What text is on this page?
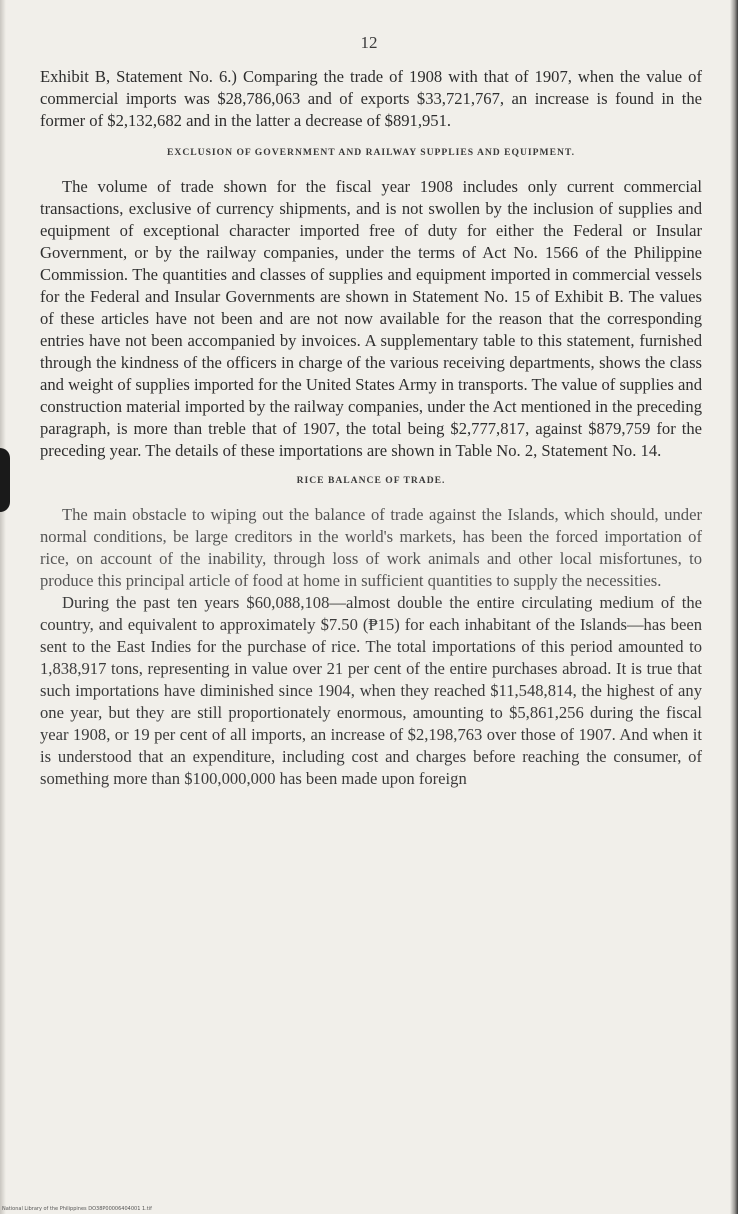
12

Exhibit B, Statement No. 6.) Comparing the trade of 1908 with that of 1907, when the value of commercial imports was $28,786,063 and of exports $33,721,767, an increase is found in the former of $2,132,682 and in the latter a decrease of $891,951.

EXCLUSION OF GOVERNMENT AND RAILWAY SUPPLIES AND EQUIPMENT.

The volume of trade shown for the fiscal year 1908 includes only current commercial transactions, exclusive of currency shipments, and is not swollen by the inclusion of supplies and equipment of exceptional character imported free of duty for either the Federal or Insular Government, or by the railway companies, under the terms of Act No. 1566 of the Philippine Commission. The quantities and classes of supplies and equipment imported in commercial vessels for the Federal and Insular Governments are shown in Statement No. 15 of Exhibit B. The values of these articles have not been and are not now available for the reason that the corresponding entries have not been accompanied by invoices. A supplementary table to this statement, furnished through the kindness of the officers in charge of the various receiving departments, shows the class and weight of supplies imported for the United States Army in transports. The value of supplies and construction material imported by the railway companies, under the Act mentioned in the preceding paragraph, is more than treble that of 1907, the total being $2,777,817, against $879,759 for the preceding year. The details of these importations are shown in Table No. 2, Statement No. 14.

RICE BALANCE OF TRADE.

The main obstacle to wiping out the balance of trade against the Islands, which should, under normal conditions, be large creditors in the world's markets, has been the forced importation of rice, on account of the inability, through loss of work animals and other local misfortunes, to produce this principal article of food at home in sufficient quantities to supply the necessities.

During the past ten years $60,088,108—almost double the entire circulating medium of the country, and equivalent to approximately $7.50 (₱15) for each inhabitant of the Islands—has been sent to the East Indies for the purchase of rice. The total importations of this period amounted to 1,838,917 tons, representing in value over 21 per cent of the entire purchases abroad. It is true that such importations have diminished since 1904, when they reached $11,548,814, the highest of any one year, but they are still proportionately enormous, amounting to $5,861,256 during the fiscal year 1908, or 19 per cent of all imports, an increase of $2,198,763 over those of 1907. And when it is understood that an expenditure, including cost and charges before reaching the consumer, of something more than $100,000,000 has been made upon foreign

National Library of the Philippines DO38P00006404001 1.tif
